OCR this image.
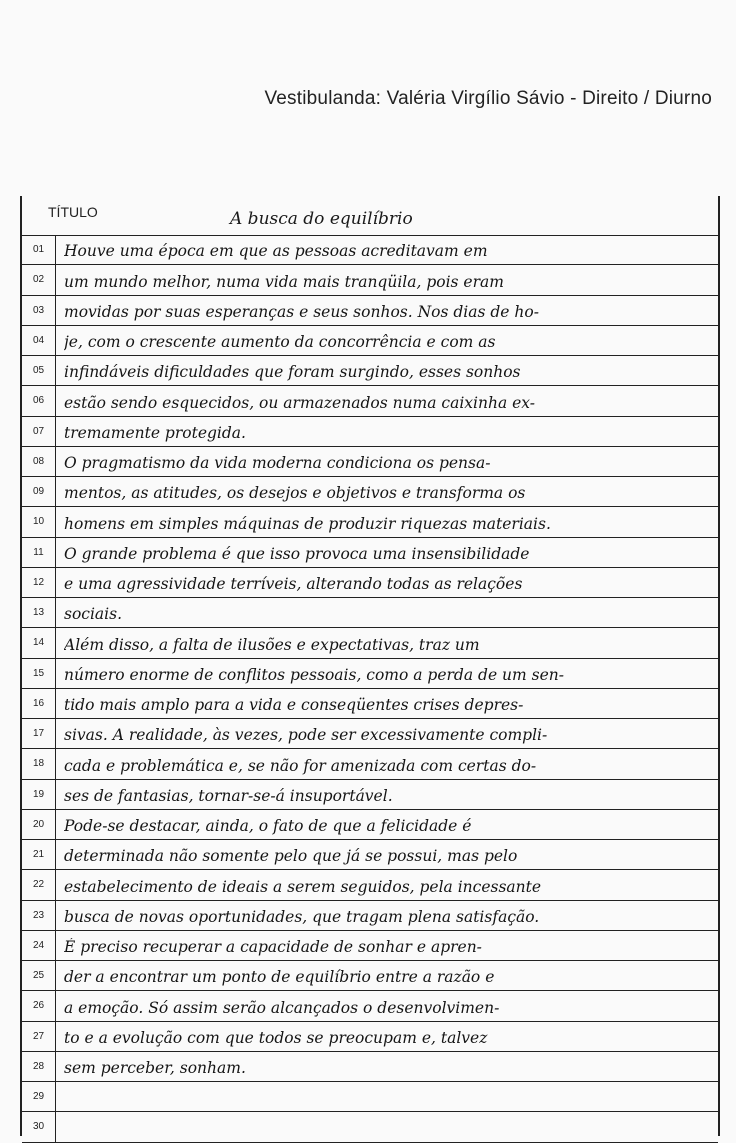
Vestibulanda: Valéria Virgílio Sávio - Direito / Diurno
TÍTULO	A busca do equilíbrio
01	Houve uma época em que as pessoas acreditavam em
02	um mundo melhor, numa vida mais tranqüila, pois eram
03	movidas por suas esperanças e seus sonhos. Nos dias de ho-
04	je, com o crescente aumento da concorrência e com as
05	infindáveis dificuldades que foram surgindo, esses sonhos
06	estão sendo esquecidos, ou armazenados numa caixinha ex-
07	tremamente protegida.
08	O pragmatismo da vida moderna condiciona os pensa-
09	mentos, as atitudes, os desejos e objetivos e transforma os
10	homens em simples máquinas de produzir riquezas materiais.
11	O grande problema é que isso provoca uma insensibilidade
12	e uma agressividade terríveis, alterando todas as relações
13	sociais.
14	Além disso, a falta de ilusões e expectativas, traz um
15	número enorme de conflitos pessoais, como a perda de um sen-
16	tido mais amplo para a vida e conseqüentes crises depres-
17	sivas. A realidade, às vezes, pode ser excessivamente compli-
18	cada e problemática e, se não for amenizada com certas do-
19	ses de fantasias, tornar-se-á insuportável.
20	Pode-se destacar, ainda, o fato de que a felicidade é
21	determinada não somente pelo que já se possui, mas pelo
22	estabelecimento de ideais a serem seguidos, pela incessante
23	busca de novas oportunidades, que tragam plena satisfação.
24	É preciso recuperar a capacidade de sonhar e apren-
25	der a encontrar um ponto de equilíbrio entre a razão e
26	a emoção. Só assim serão alcançados o desenvolvimen-
27	to e a evolução com que todos se preocupam e, talvez
28	sem perceber, sonham.
29
30
